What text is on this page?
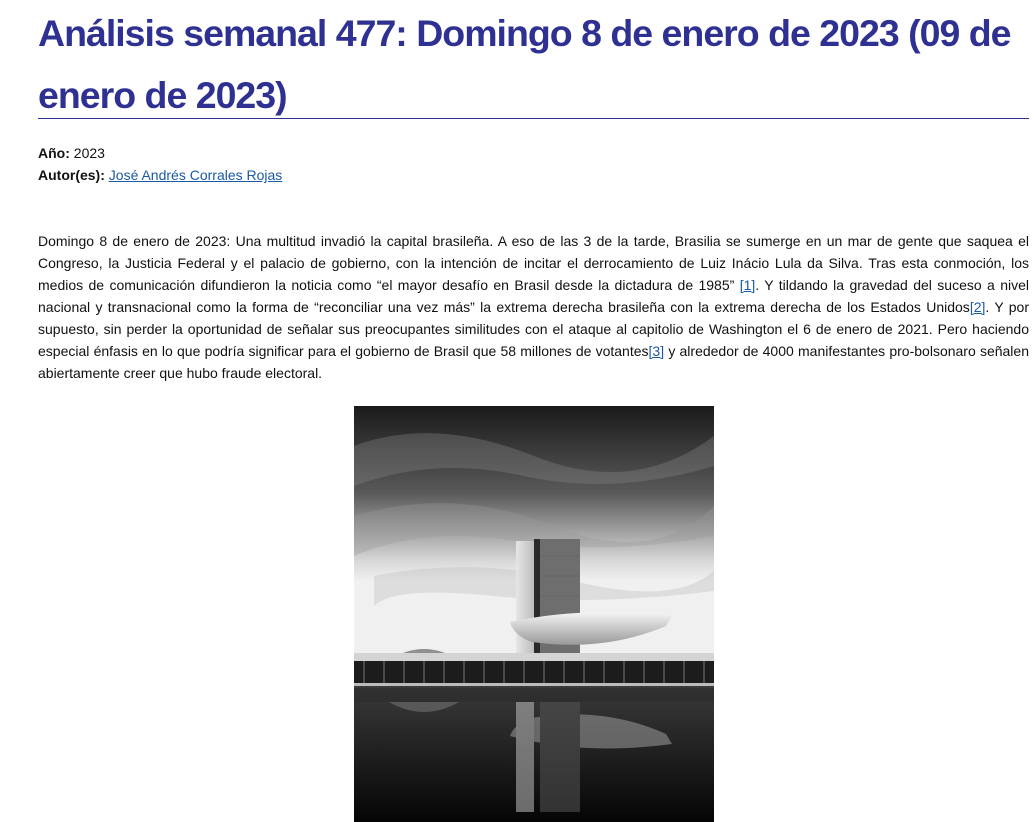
Análisis semanal 477: Domingo 8 de enero de 2023 (09 de enero de 2023)
Año: 2023
Autor(es): José Andrés Corrales Rojas

Domingo 8 de enero de 2023: Una multitud invadió la capital brasileña. A eso de las 3 de la tarde, Brasilia se sumerge en un mar de gente que saquea el Congreso, la Justicia Federal y el palacio de gobierno, con la intención de incitar el derrocamiento de Luiz Inácio Lula da Silva. Tras esta conmoción, los medios de comunicación difundieron la noticia como “el mayor desafío en Brasil desde la dictadura de 1985” [1]. Y tildando la gravedad del suceso a nivel nacional y transnacional como la forma de “reconciliar una vez más” la extrema derecha brasileña con la extrema derecha de los Estados Unidos[2]. Y por supuesto, sin perder la oportunidad de señalar sus preocupantes similitudes con el ataque al capitolio de Washington el 6 de enero de 2021. Pero haciendo especial énfasis en lo que podría significar para el gobierno de Brasil que 58 millones de votantes[3] y alrededor de 4000 manifestantes pro-bolsonaro señalen abiertamente creer que hubo fraude electoral.
